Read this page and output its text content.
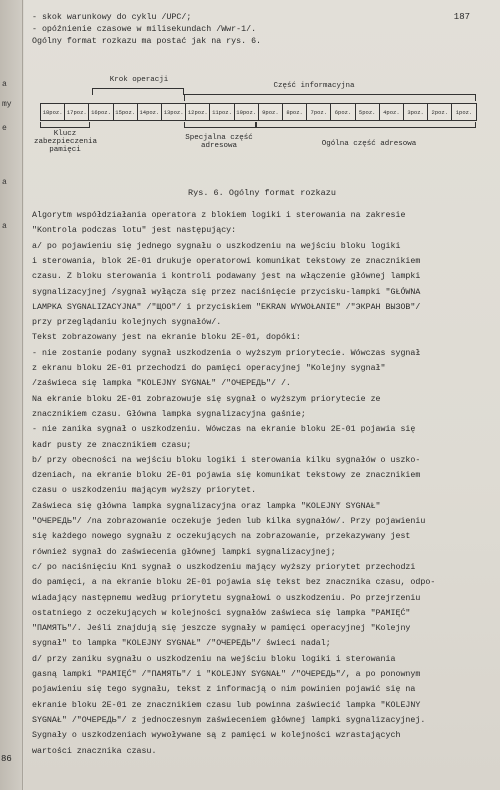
a
my
e
a
a
86
187
- skok warunkowy do cyklu /UPC/;
- opóźnienie czasowe w milisekundach /Wwr-1/.
Ogólny format rozkazu ma postać jak na rys. 6.
Krok operacji
Część informacyjna
18poz. 17poz. 16poz. 15poz. 14poz. 13poz. 12poz. 11poz. 10poz.	9poz.	8poz.	7poz.	6poz.	5poz.	4poz.	3poz.	2poz.	1poz.
Klucz zabezpieczenia pamięci
Specjalna część adresowa	Ogólna część adresowa
Rys. 6. Ogólny format rozkazu
Algorytm współdziałania operatora z blokiem logiki i sterowania na zakresie
"Kontrola podczas lotu" jest następujący:
a/ po pojawieniu się jednego sygnału o uszkodzeniu na wejściu bloku logiki
i sterowania, blok 2E-01 drukuje operatorowi komunikat tekstowy ze znacznikiem
czasu. Z bloku sterowania i kontroli podawany jest na włączenie głównej lampki
sygnalizacyjnej /sygnał wyłącza się przez naciśnięcie przycisku-lampki "GŁÓWNA
LAMPKA SYGNALIZACYJNA" /"ЩОО"/ i przyciskiem "EKRAN WYWOŁANIE" /"ЭКРАН ВЫЗОВ"/
przy przeglądaniu kolejnych sygnałów/.
Tekst zobrazowany jest na ekranie bloku 2E-01, dopóki:
- nie zostanie podany sygnał uszkodzenia o wyższym priorytecie. Wówczas sygnał
z ekranu bloku 2E-01 przechodzi do pamięci operacyjnej "Kolejny sygnał"
/zaświeca się lampka "KOLEJNY SYGNAŁ" /"ОЧЕРЕДЬ"/ /.
Na ekranie bloku 2E-01 zobrazowuje się sygnał o wyższym priorytecie ze
znacznikiem czasu. Główna lampka sygnalizacyjna gaśnie;
- nie zanika sygnał o uszkodzeniu. Wówczas na ekranie bloku 2E-01 pojawia się
kadr pusty ze znacznikiem czasu;
b/ przy obecności na wejściu bloku logiki i sterowania kilku sygnałów o uszko-
dzeniach, na ekranie bloku 2E-01 pojawia się komunikat tekstowy ze znacznikiem
czasu o uszkodzeniu mającym wyższy priorytet.
Zaświeca się główna lampka sygnalizacyjna oraz lampka "KOLEJNY SYGNAŁ"
"ОЧЕРЕДЬ"/ /na zobrazowanie oczekuje jeden lub kilka sygnałów/. Przy pojawieniu
się każdego nowego sygnału z oczekujących na zobrazowanie, przekazywany jest
również sygnał do zaświecenia głównej lampki sygnalizacyjnej;
c/ po naciśnięciu Kn1 sygnał o uszkodzeniu mający wyższy priorytet przechodzi
do pamięci, a na ekranie bloku 2E-01 pojawia się tekst bez znacznika czasu, odpo-
wiadający następnemu według priorytetu sygnałowi o uszkodzeniu. Po przejrzeniu
ostatniego z oczekujących w kolejności sygnałów zaświeca się lampka "PAMIĘĆ"
"ПАМЯТЬ"/. Jeśli znajdują się jeszcze sygnały w pamięci operacyjnej "Kolejny
sygnał" to lampka "KOLEJNY SYGNAŁ" /"ОЧЕРЕДЬ"/ świeci nadal;
d/ przy zaniku sygnału o uszkodzeniu na wejściu bloku logiki i sterowania
gasną lampki "PAMIĘĆ" /"ПАМЯТЬ"/ i "KOLEJNY SYGNAŁ" /"ОЧЕРЕДЬ"/, a po ponownym
pojawieniu się tego sygnału, tekst z informacją o nim powinien pojawić się na
ekranie bloku 2E-01 ze znacznikiem czasu lub powinna zaświecić lampka "KOLEJNY
SYGNAŁ" /"ОЧЕРЕДЬ"/ z jednoczesnym zaświeceniem głównej lampki sygnalizacyjnej.
Sygnały o uszkodzeniach wywoływane są z pamięci w kolejności wzrastających
wartości znacznika czasu.
